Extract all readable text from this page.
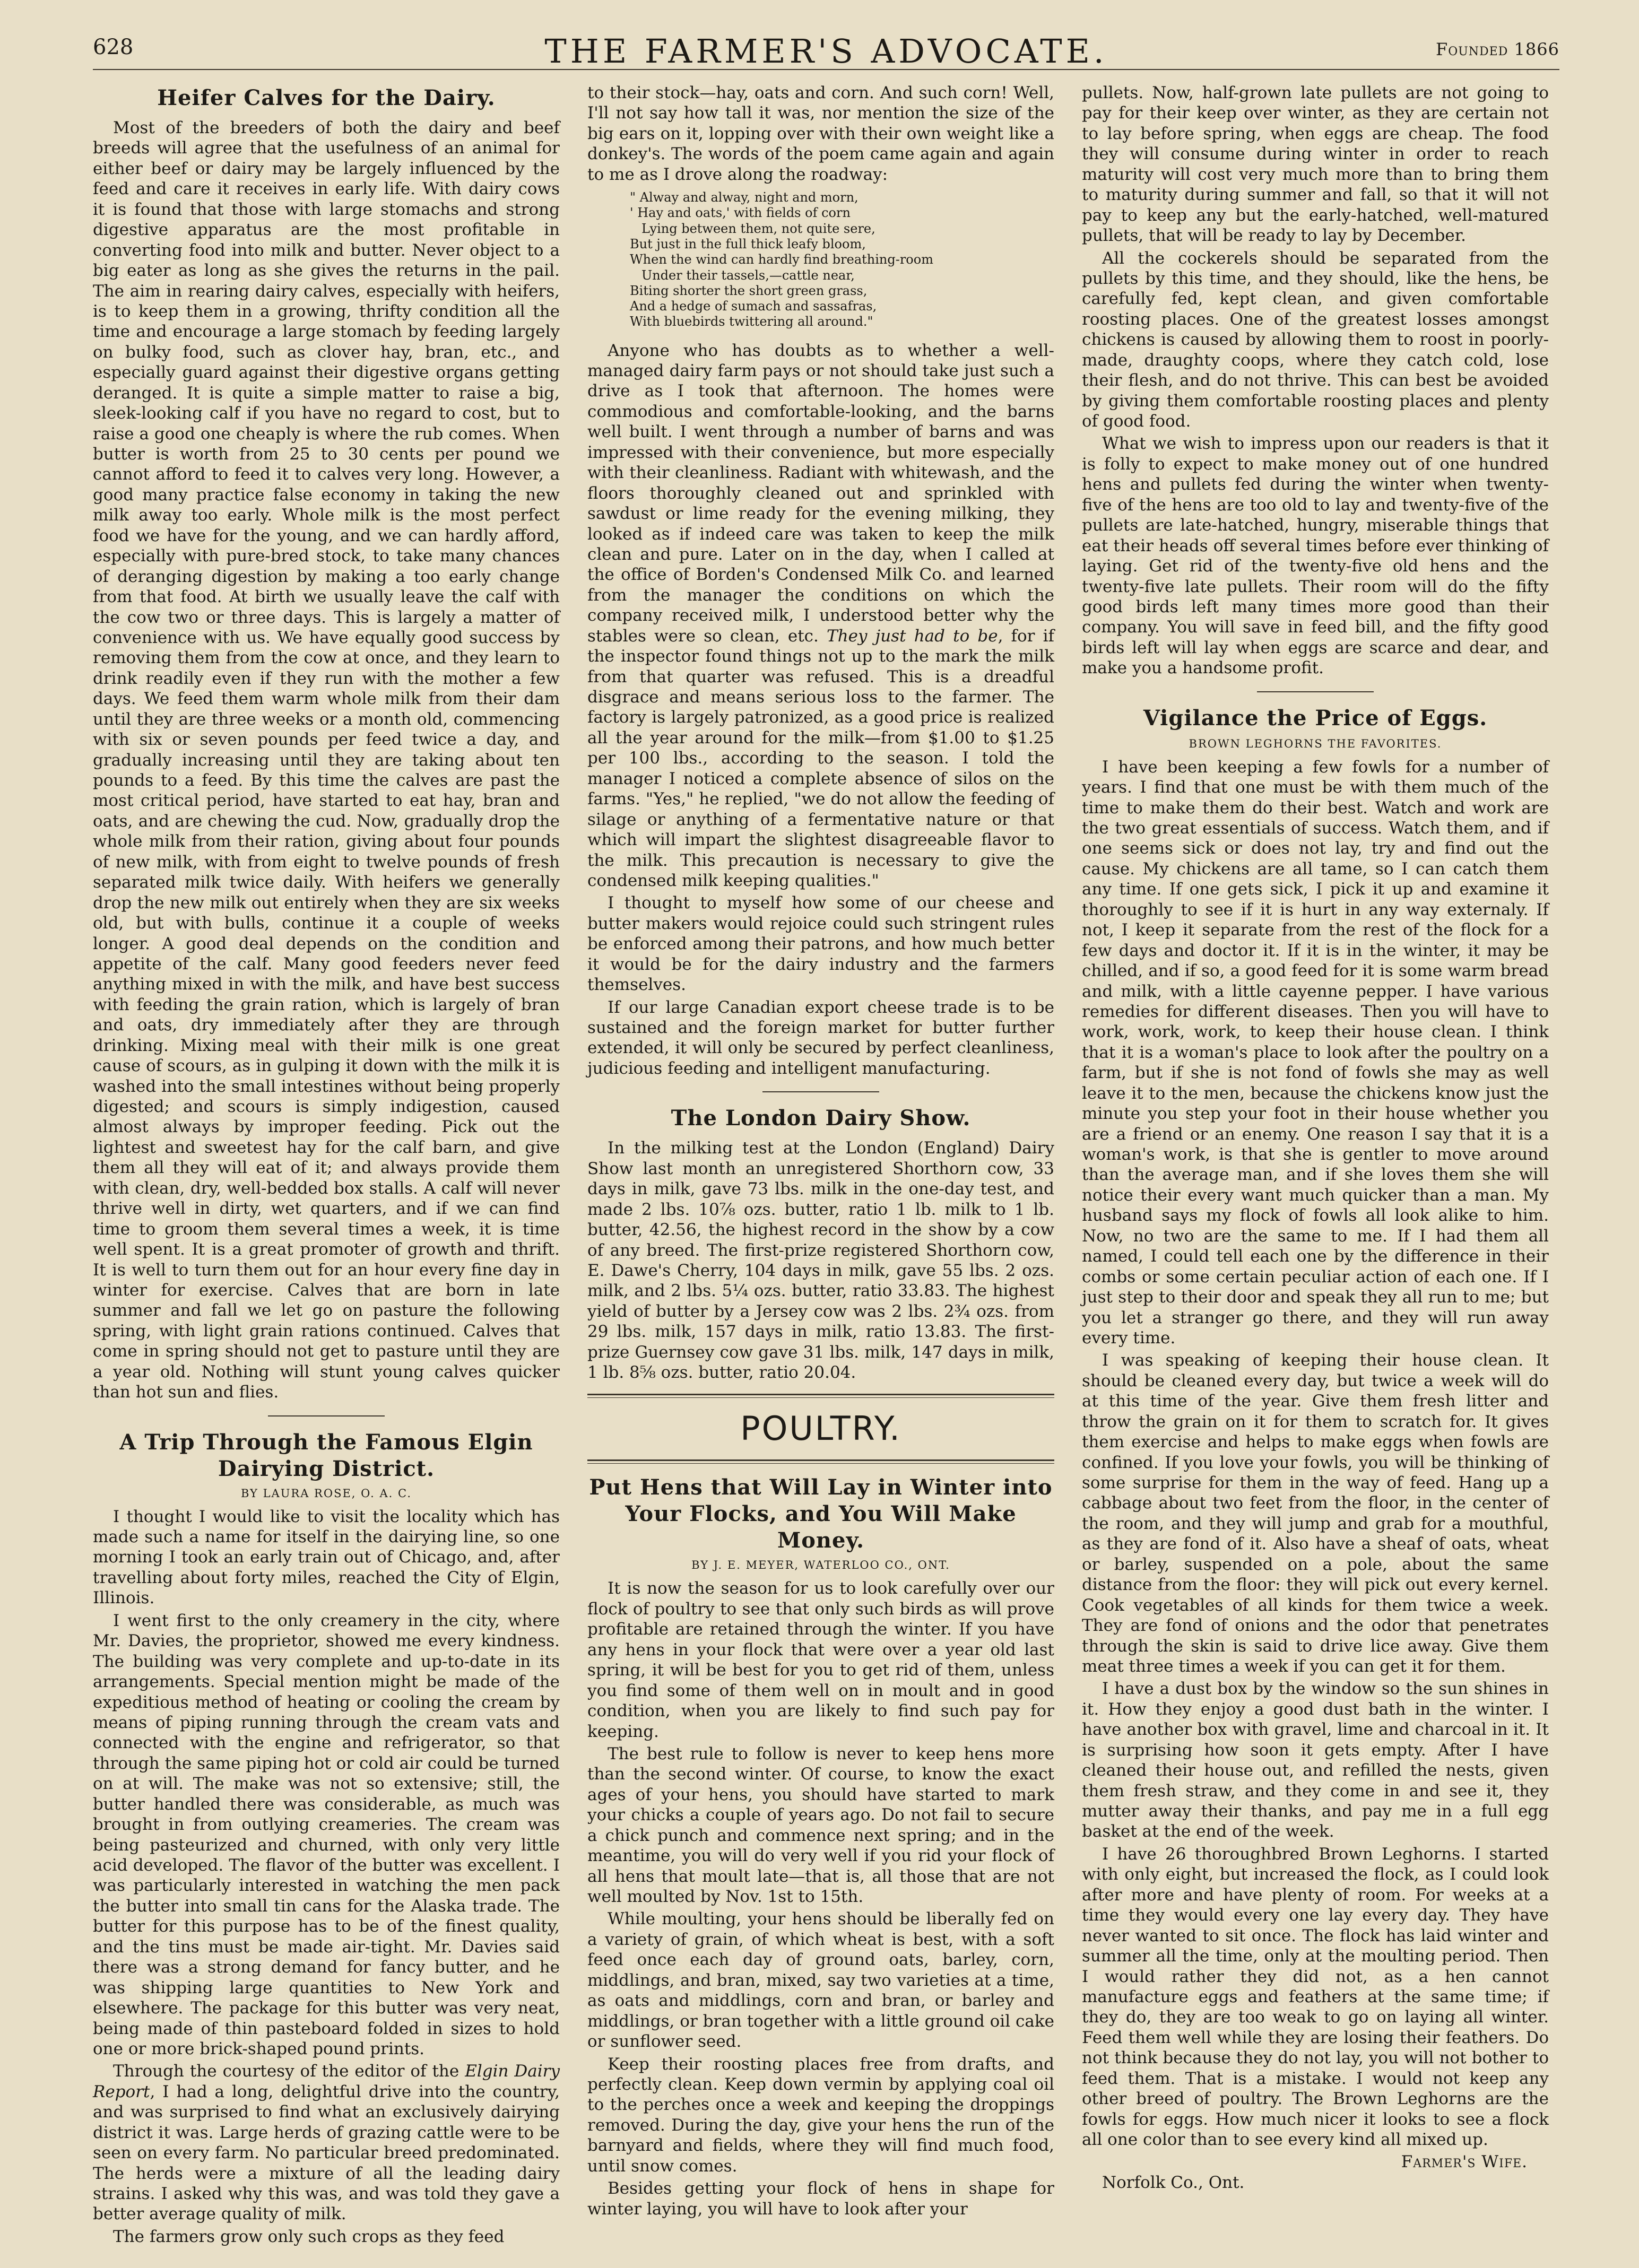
628	THE FARMER'S ADVOCATE.	Founded 1866
Heifer Calves for the Dairy.

Most of the breeders of both the dairy and beef breeds will agree that the usefulness of an animal for either beef or dairy may be largely influenced by the feed and care it receives in early life. With dairy cows it is found that those with large stomachs and strong digestive apparatus are the most profitable in converting food into milk and butter. Never object to a big eater as long as she gives the returns in the pail. The aim in rearing dairy calves, especially with heifers, is to keep them in a growing, thrifty condition all the time and encourage a large stomach by feeding largely on bulky food, such as clover hay, bran, etc., and especially guard against their digestive organs getting deranged. It is quite a simple matter to raise a big, sleek-looking calf if you have no regard to cost, but to raise a good one cheaply is where the rub comes. When butter is worth from 25 to 30 cents per pound we cannot afford to feed it to calves very long. However, a good many practice false economy in taking the new milk away too early. Whole milk is the most perfect food we have for the young, and we can hardly afford, especially with pure-bred stock, to take many chances of deranging digestion by making a too early change from that food. At birth we usually leave the calf with the cow two or three days. This is largely a matter of convenience with us. We have equally good success by removing them from the cow at once, and they learn to drink readily even if they run with the mother a few days. We feed them warm whole milk from their dam until they are three weeks or a month old, commencing with six or seven pounds per feed twice a day, and gradually increasing until they are taking about ten pounds to a feed. By this time the calves are past the most critical period, have started to eat hay, bran and oats, and are chewing the cud. Now, gradually drop the whole milk from their ration, giving about four pounds of new milk, with from eight to twelve pounds of fresh separated milk twice daily. With heifers we generally drop the new milk out entirely when they are six weeks old, but with bulls, continue it a couple of weeks longer. A good deal depends on the condition and appetite of the calf. Many good feeders never feed anything mixed in with the milk, and have best success with feeding the grain ration, which is largely of bran and oats, dry immediately after they are through drinking. Mixing meal with their milk is one great cause of scours, as in gulping it down with the milk it is washed into the small intestines without being properly digested; and scours is simply indigestion, caused almost always by improper feeding. Pick out the lightest and sweetest hay for the calf barn, and give them all they will eat of it; and always provide them with clean, dry, well-bedded box stalls. A calf will never thrive well in dirty, wet quarters, and if we can find time to groom them several times a week, it is time well spent. It is a great promoter of growth and thrift. It is well to turn them out for an hour every fine day in winter for exercise. Calves that are born in late summer and fall we let go on pasture the following spring, with light grain rations continued. Calves that come in spring should not get to pasture until they are a year old. Nothing will stunt young calves quicker than hot sun and flies.

A Trip Through the Famous Elgin Dairying District.
BY LAURA ROSE, O. A. C.

I thought I would like to visit the locality which has made such a name for itself in the dairying line, so one morning I took an early train out of Chicago, and, after travelling about forty miles, reached the City of Elgin, Illinois.

I went first to the only creamery in the city, where Mr. Davies, the proprietor, showed me every kindness. The building was very complete and up-to-date in its arrangements. Special mention might be made of the expeditious method of heating or cooling the cream by means of piping running through the cream vats and connected with the engine and refrigerator, so that through the same piping hot or cold air could be turned on at will. The make was not so extensive; still, the butter handled there was considerable, as much was brought in from outlying creameries. The cream was being pasteurized and churned, with only very little acid developed. The flavor of the butter was excellent. I was particularly interested in watching the men pack the butter into small tin cans for the Alaska trade. The butter for this purpose has to be of the finest quality, and the tins must be made air-tight. Mr. Davies said there was a strong demand for fancy butter, and he was shipping large quantities to New York and elsewhere. The package for this butter was very neat, being made of thin pasteboard folded in sizes to hold one or more brick-shaped pound prints.

Through the courtesy of the editor of the Elgin Dairy Report, I had a long, delightful drive into the country, and was surprised to find what an exclusively dairying district it was. Large herds of grazing cattle were to be seen on every farm. No particular breed predominated. The herds were a mixture of all the leading dairy strains. I asked why this was, and was told they gave a better average quality of milk.

The farmers grow only such crops as they feed

to their stock—hay, oats and corn. And such corn! Well, I'll not say how tall it was, nor mention the size of the big ears on it, lopping over with their own weight like a donkey's. The words of the poem came again and again to me as I drove along the roadway:

" Alway and alway, night and morn,
' Hay and oats,' with fields of corn
Lying between them, not quite sere,
But just in the full thick leafy bloom,
When the wind can hardly find breathing-room
Under their tassels,—cattle near,
Biting shorter the short green grass,
And a hedge of sumach and sassafras,
With bluebirds twittering all around."

Anyone who has doubts as to whether a well-managed dairy farm pays or not should take just such a drive as I took that afternoon. The homes were commodious and comfortable-looking, and the barns well built. I went through a number of barns and was impressed with their convenience, but more especially with their cleanliness. Radiant with whitewash, and the floors thoroughly cleaned out and sprinkled with sawdust or lime ready for the evening milking, they looked as if indeed care was taken to keep the milk clean and pure. Later on in the day, when I called at the office of Borden's Condensed Milk Co. and learned from the manager the conditions on which the company received milk, I understood better why the stables were so clean, etc. They just had to be, for if the inspector found things not up to the mark the milk from that quarter was refused. This is a dreadful disgrace and means serious loss to the farmer. The factory is largely patronized, as a good price is realized all the year around for the milk—from $1.00 to $1.25 per 100 lbs., according to the season. I told the manager I noticed a complete absence of silos on the farms. "Yes," he replied, "we do not allow the feeding of silage or anything of a fermentative nature or that which will impart the slightest disagreeable flavor to the milk. This precaution is necessary to give the condensed milk keeping qualities."

I thought to myself how some of our cheese and butter makers would rejoice could such stringent rules be enforced among their patrons, and how much better it would be for the dairy industry and the farmers themselves.

If our large Canadian export cheese trade is to be sustained and the foreign market for butter further extended, it will only be secured by perfect cleanliness, judicious feeding and intelligent manufacturing.

The London Dairy Show.

In the milking test at the London (England) Dairy Show last month an unregistered Shorthorn cow, 33 days in milk, gave 73 lbs. milk in the one-day test, and made 2 lbs. 10⅞ ozs. butter, ratio 1 lb. milk to 1 lb. butter, 42.56, the highest record in the show by a cow of any breed. The first-prize registered Shorthorn cow, E. Dawe's Cherry, 104 days in milk, gave 55 lbs. 2 ozs. milk, and 2 lbs. 5¼ ozs. butter, ratio 33.83. The highest yield of butter by a Jersey cow was 2 lbs. 2¾ ozs. from 29 lbs. milk, 157 days in milk, ratio 13.83. The first-prize Guernsey cow gave 31 lbs. milk, 147 days in milk, 1 lb. 8⅝ ozs. butter, ratio 20.04.

POULTRY.
Put Hens that Will Lay in Winter into Your Flocks, and You Will Make Money.
BY J. E. MEYER, WATERLOO CO., ONT.

It is now the season for us to look carefully over our flock of poultry to see that only such birds as will prove profitable are retained through the winter. If you have any hens in your flock that were over a year old last spring, it will be best for you to get rid of them, unless you find some of them well on in moult and in good condition, when you are likely to find such pay for keeping.

The best rule to follow is never to keep hens more than the second winter. Of course, to know the exact ages of your hens, you should have started to mark your chicks a couple of years ago. Do not fail to secure a chick punch and commence next spring; and in the meantime, you will do very well if you rid your flock of all hens that moult late—that is, all those that are not well moulted by Nov. 1st to 15th.

While moulting, your hens should be liberally fed on a variety of grain, of which wheat is best, with a soft feed once each day of ground oats, barley, corn, middlings, and bran, mixed, say two varieties at a time, as oats and middlings, corn and bran, or barley and middlings, or bran together with a little ground oil cake or sunflower seed.

Keep their roosting places free from drafts, and perfectly clean. Keep down vermin by applying coal oil to the perches once a week and keeping the droppings removed. During the day, give your hens the run of the barnyard and fields, where they will find much food, until snow comes.

Besides getting your flock of hens in shape for winter laying, you will have to look after your

pullets. Now, half-grown late pullets are not going to pay for their keep over winter, as they are certain not to lay before spring, when eggs are cheap. The food they will consume during winter in order to reach maturity will cost very much more than to bring them to maturity during summer and fall, so that it will not pay to keep any but the early-hatched, well-matured pullets, that will be ready to lay by December.

All the cockerels should be separated from the pullets by this time, and they should, like the hens, be carefully fed, kept clean, and given comfortable roosting places. One of the greatest losses amongst chickens is caused by allowing them to roost in poorly-made, draughty coops, where they catch cold, lose their flesh, and do not thrive. This can best be avoided by giving them comfortable roosting places and plenty of good food.

What we wish to impress upon our readers is that it is folly to expect to make money out of one hundred hens and pullets fed during the winter when twenty-five of the hens are too old to lay and twenty-five of the pullets are late-hatched, hungry, miserable things that eat their heads off several times before ever thinking of laying. Get rid of the twenty-five old hens and the twenty-five late pullets. Their room will do the fifty good birds left many times more good than their company. You will save in feed bill, and the fifty good birds left will lay when eggs are scarce and dear, and make you a handsome profit.

Vigilance the Price of Eggs.
BROWN LEGHORNS THE FAVORITES.

I have been keeping a few fowls for a number of years. I find that one must be with them much of the time to make them do their best. Watch and work are the two great essentials of success. Watch them, and if one seems sick or does not lay, try and find out the cause. My chickens are all tame, so I can catch them any time. If one gets sick, I pick it up and examine it thoroughly to see if it is hurt in any way externaly. If not, I keep it separate from the rest of the flock for a few days and doctor it. If it is in the winter, it may be chilled, and if so, a good feed for it is some warm bread and milk, with a little cayenne pepper. I have various remedies for different diseases. Then you will have to work, work, work, to keep their house clean. I think that it is a woman's place to look after the poultry on a farm, but if she is not fond of fowls she may as well leave it to the men, because the chickens know just the minute you step your foot in their house whether you are a friend or an enemy. One reason I say that it is a woman's work, is that she is gentler to move around than the average man, and if she loves them she will notice their every want much quicker than a man. My husband says my flock of fowls all look alike to him. Now, no two are the same to me. If I had them all named, I could tell each one by the difference in their combs or some certain peculiar action of each one. If I just step to their door and speak they all run to me; but you let a stranger go there, and they will run away every time.

I was speaking of keeping their house clean. It should be cleaned every day, but twice a week will do at this time of the year. Give them fresh litter and throw the grain on it for them to scratch for. It gives them exercise and helps to make eggs when fowls are confined. If you love your fowls, you will be thinking of some surprise for them in the way of feed. Hang up a cabbage about two feet from the floor, in the center of the room, and they will jump and grab for a mouthful, as they are fond of it. Also have a sheaf of oats, wheat or barley, suspended on a pole, about the same distance from the floor: they will pick out every kernel. Cook vegetables of all kinds for them twice a week. They are fond of onions and the odor that penetrates through the skin is said to drive lice away. Give them meat three times a week if you can get it for them.

I have a dust box by the window so the sun shines in it. How they enjoy a good dust bath in the winter. I have another box with gravel, lime and charcoal in it. It is surprising how soon it gets empty. After I have cleaned their house out, and refilled the nests, given them fresh straw, and they come in and see it, they mutter away their thanks, and pay me in a full egg basket at the end of the week.

I have 26 thoroughbred Brown Leghorns. I started with only eight, but increased the flock, as I could look after more and have plenty of room. For weeks at a time they would every one lay every day. They have never wanted to sit once. The flock has laid winter and summer all the time, only at the moulting period. Then I would rather they did not, as a hen cannot manufacture eggs and feathers at the same time; if they do, they are too weak to go on laying all winter. Feed them well while they are losing their feathers. Do not think because they do not lay, you will not bother to feed them. That is a mistake. I would not keep any other breed of poultry. The Brown Leghorns are the fowls for eggs. How much nicer it looks to see a flock all one color than to see every kind all mixed up.

Farmer's Wife.
Norfolk Co., Ont.
